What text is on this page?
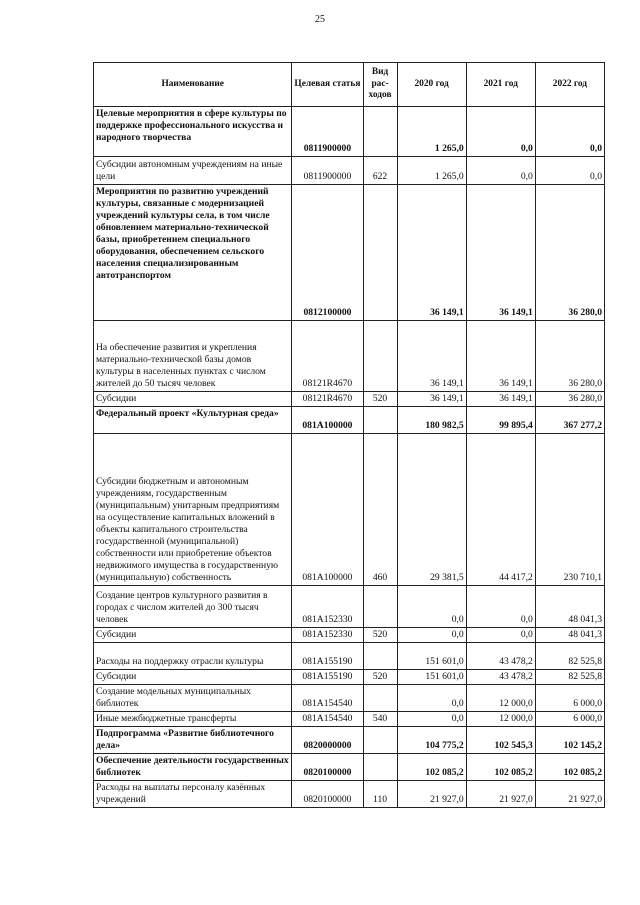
25
Наименование	Целевая статья	Вид рас-ходов	2020 год	2021 год	2022 год
Целевые мероприятия в сфере культуры по поддержке профессионального искусства и народного творчества	0811900000		1 265,0	0,0	0,0
Субсидии автономным учреждениям на иные цели	0811900000	622	1 265,0	0,0	0,0
Мероприятия по развитию учреждений культуры, связанные с модернизацией учреждений культуры села, в том числе обновлением материально-технической базы, приобретением специального оборудования, обеспечением сельского населения специализированным автотранспортом	0812100000		36 149,1	36 149,1	36 280,0
На обеспечение развития и укрепления материально-технической базы домов культуры в населенных пунктах с числом жителей до 50 тысяч человек	08121R4670		36 149,1	36 149,1	36 280,0
Субсидии	08121R4670	520	36 149,1	36 149,1	36 280,0
Федеральный проект «Культурная среда»	081A100000		180 982,5	99 895,4	367 277,2
Субсидии бюджетным и автономным учреждениям, государственным (муниципальным) унитарным предприятиям на осуществление капитальных вложений в объекты капитального строительства государственной (муниципальной) собственности или приобретение объектов недвижимого имущества в государственную (муниципальную) собственность	081A100000	460	29 381,5	44 417,2	230 710,1
Создание центров культурного развития в городах с числом жителей до 300 тысяч человек	081A152330		0,0	0,0	48 041,3
Субсидии	081A152330	520	0,0	0,0	48 041,3
Расходы на поддержку отрасли культуры	081A155190		151 601,0	43 478,2	82 525,8
Субсидии	081A155190	520	151 601,0	43 478,2	82 525,8
Создание модельных муниципальных библиотек	081A154540		0,0	12 000,0	6 000,0
Иные межбюджетные трансферты	081A154540	540	0,0	12 000,0	6 000,0
Подпрограмма «Развитие библиотечного дела»	0820000000		104 775,2	102 545,3	102 145,2
Обеспечение деятельности государственных библиотек	0820100000		102 085,2	102 085,2	102 085,2
Расходы на выплаты персоналу казённых учреждений	0820100000	110	21 927,0	21 927,0	21 927,0
